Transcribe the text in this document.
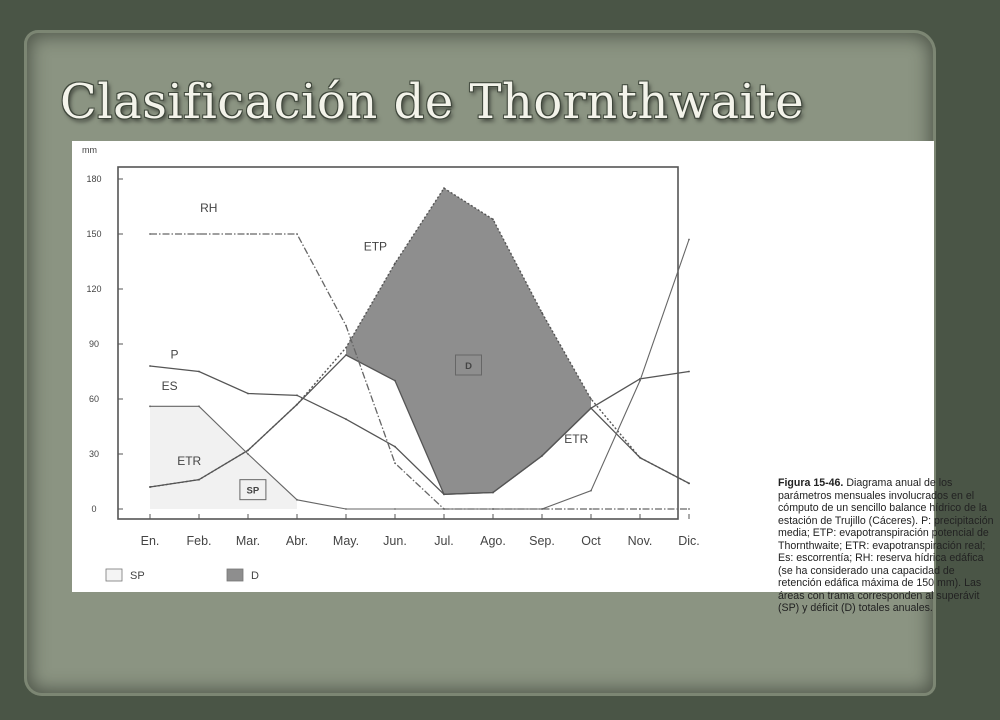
Clasificación de Thornthwaite
mm
0
30
60
90
120
150
180
En. Feb. Mar. Abr. May. Jun. Jul. Ago. Sep. Oct Nov. Dic.
RH
ETP
P
ES
ETR
ETR
D
SP
SP	D

Figura 15-46. Diagrama anual de los parámetros mensuales involucrados en el cómputo de un sencillo balance hídrico de la estación de Trujillo (Cáceres). P: precipitación media; ETP: evapotranspiración potencial de Thornthwaite; ETR: evapotranspiración real; Es: escorrentía; RH: reserva hídrica edáfica (se ha considerado una capacidad de retención edáfica máxima de 150 mm). Las áreas con trama corresponden al superávit (SP) y déficit (D) totales anuales.
